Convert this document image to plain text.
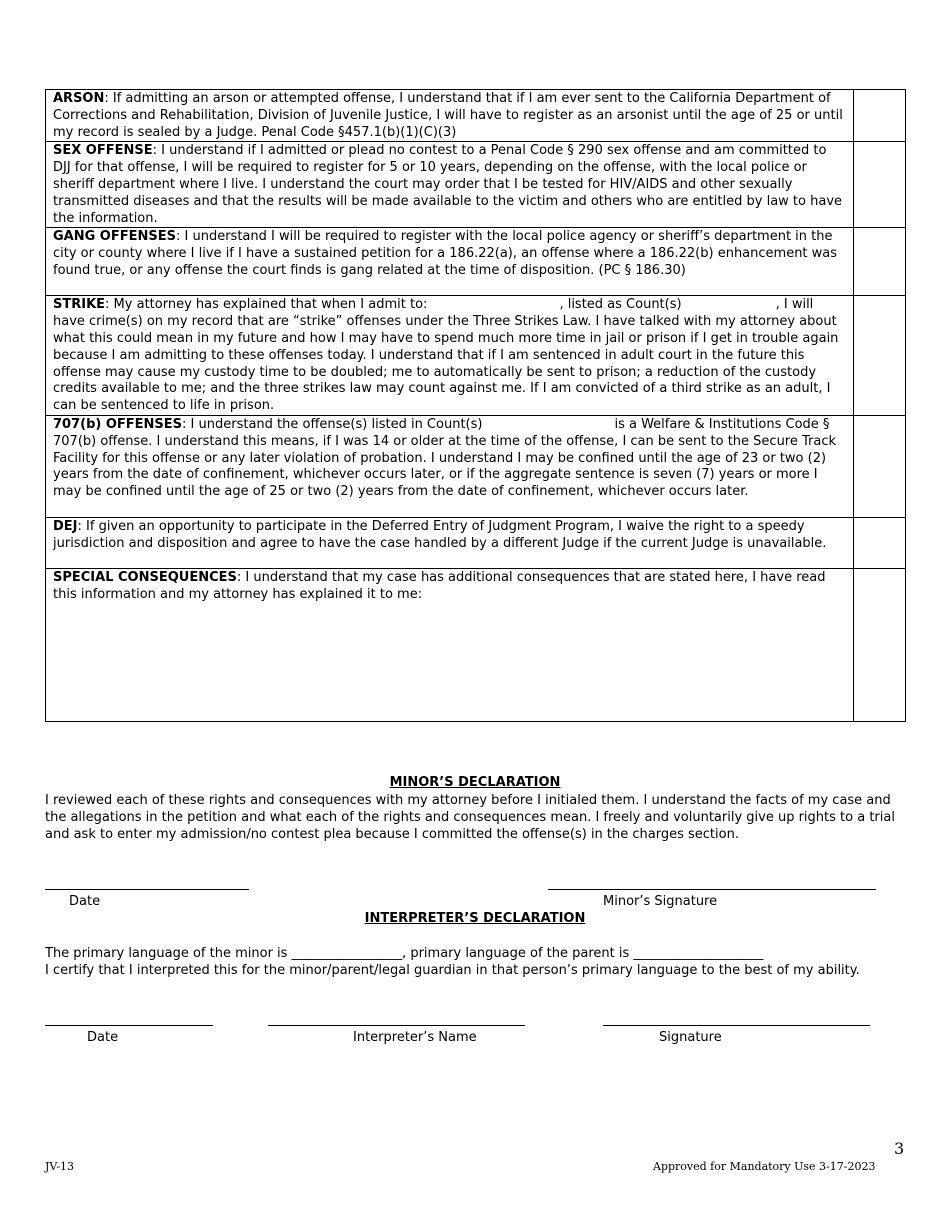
ARSON: If admitting an arson or attempted offense, I understand that if I am ever sent to the California Department of Corrections and Rehabilitation, Division of Juvenile Justice, I will have to register as an arsonist until the age of 25 or until my record is sealed by a Judge. Penal Code §457.1(b)(1)(C)(3)	
SEX OFFENSE: I understand if I admitted or plead no contest to a Penal Code § 290 sex offense and am committed to DJJ for that offense, I will be required to register for 5 or 10 years, depending on the offense, with the local police or sheriff department where I live. I understand the court may order that I be tested for HIV/AIDS and other sexually transmitted diseases and that the results will be made available to the victim and others who are entitled by law to have the information.	
GANG OFFENSES: I understand I will be required to register with the local police agency or sheriff’s department in the city or county where I live if I have a sustained petition for a 186.22(a), an offense where a 186.22(b) enhancement was found true, or any offense the court finds is gang related at the time of disposition. (PC § 186.30)	
STRIKE: My attorney has explained that when I admit to: , listed as Count(s) , I will have crime(s) on my record that are “strike” offenses under the Three Strikes Law. I have talked with my attorney about what this could mean in my future and how I may have to spend much more time in jail or prison if I get in trouble again because I am admitting to these offenses today. I understand that if I am sentenced in adult court in the future this offense may cause my custody time to be doubled; me to automatically be sent to prison; a reduction of the custody credits available to me; and the three strikes law may count against me. If I am convicted of a third strike as an adult, I can be sentenced to life in prison.	
707(b) OFFENSES: I understand the offense(s) listed in Count(s) is a Welfare & Institutions Code § 707(b) offense. I understand this means, if I was 14 or older at the time of the offense, I can be sent to the Secure Track Facility for this offense or any later violation of probation. I understand I may be confined until the age of 23 or two (2) years from the date of confinement, whichever occurs later, or if the aggregate sentence is seven (7) years or more I may be confined until the age of 25 or two (2) years from the date of confinement, whichever occurs later.	
DEJ: If given an opportunity to participate in the Deferred Entry of Judgment Program, I waive the right to a speedy jurisdiction and disposition and agree to have the case handled by a different Judge if the current Judge is unavailable.	
SPECIAL CONSEQUENCES: I understand that my case has additional consequences that are stated here, I have read this information and my attorney has explained it to me:	
MINOR’S DECLARATION
I reviewed each of these rights and consequences with my attorney before I initialed them. I understand the facts of my case and the allegations in the petition and what each of the rights and consequences mean. I freely and voluntarily give up rights to a trial and ask to enter my admission/no contest plea because I committed the offense(s) in the charges section.
Date	Minor’s Signature
INTERPRETER’S DECLARATION
The primary language of the minor is _________________, primary language of the parent is ____________________
I certify that I interpreted this for the minor/parent/legal guardian in that person’s primary language to the best of my ability.
Date	Interpreter’s Name	Signature
3
JV-13	Approved for Mandatory Use 3-17-2023
